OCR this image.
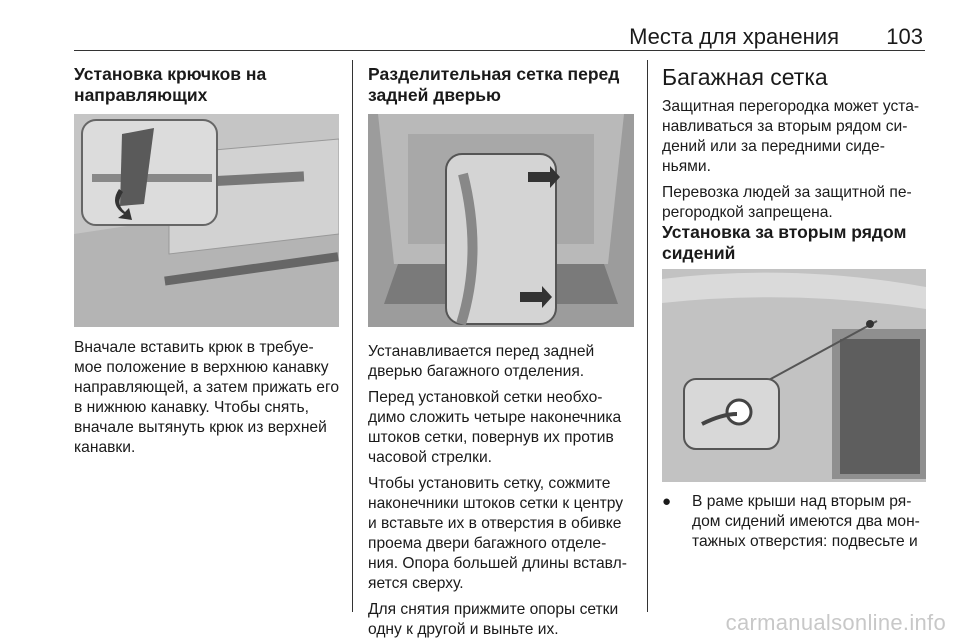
Места для хранения 103

Установка крючков на направляющих

Вначале вставить крюк в требуе-мое положение в верхнюю канавку направляющей, а затем прижать его в нижнюю канавку. Чтобы снять, вначале вытянуть крюк из верхней канавки.

Разделительная сетка перед задней дверью

Устанавливается перед задней дверью багажного отделения.

Перед установкой сетки необхо-димо сложить четыре наконечника штоков сетки, повернув их против часовой стрелки.

Чтобы установить сетку, сожмите наконечники штоков сетки к центру и вставьте их в отверстия в обивке проема двери багажного отделе-ния. Опора большей длины вставл-яется сверху.

Для снятия прижмите опоры сетки одну к другой и выньте их.

Багажная сетка

Защитная перегородка может уста-навливаться за вторым рядом си-дений или за передними сиде-ньями.

Перевозка людей за защитной пе-регородкой запрещена.

Установка за вторым рядом сидений

● В раме крыши над вторым ря-дом сидений имеются два мон-тажных отверстия: подвесьте и

carmanualsonline.info
